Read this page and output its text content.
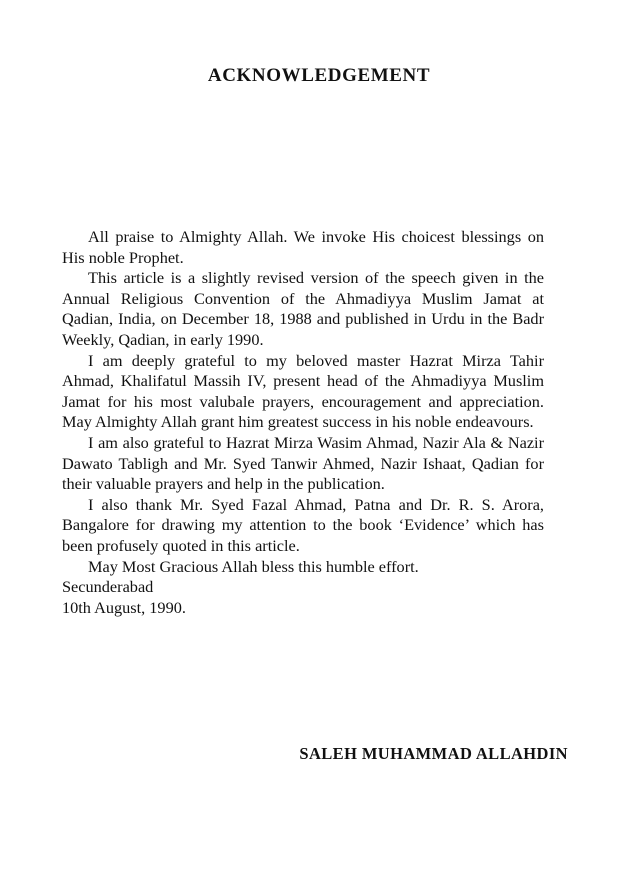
ACKNOWLEDGEMENT

All praise to Almighty Allah. We invoke His choicest blessings on His noble Prophet.

This article is a slightly revised version of the speech given in the Annual Religious Convention of the Ahmadiyya Muslim Jamat at Qadian, India, on December 18, 1988 and published in Urdu in the Badr Weekly, Qadian, in early 1990.

I am deeply grateful to my beloved master Hazrat Mirza Tahir Ahmad, Khalifatul Massih IV, present head of the Ahmadiyya Muslim Jamat for his most valubale prayers, encouragement and appreciation. May Almighty Allah grant him greatest success in his noble endeavours.

I am also grateful to Hazrat Mirza Wasim Ahmad, Nazir Ala & Nazir Dawato Tabligh and Mr. Syed Tanwir Ahmed, Nazir Ishaat, Qadian for their valuable prayers and help in the publication.

I also thank Mr. Syed Fazal Ahmad, Patna and Dr. R. S. Arora, Bangalore for drawing my attention to the book ‘Evidence’ which has been profusely quoted in this article.

May Most Gracious Allah bless this humble effort.

Secunderabad

10th August, 1990.

SALEH MUHAMMAD ALLAHDIN
